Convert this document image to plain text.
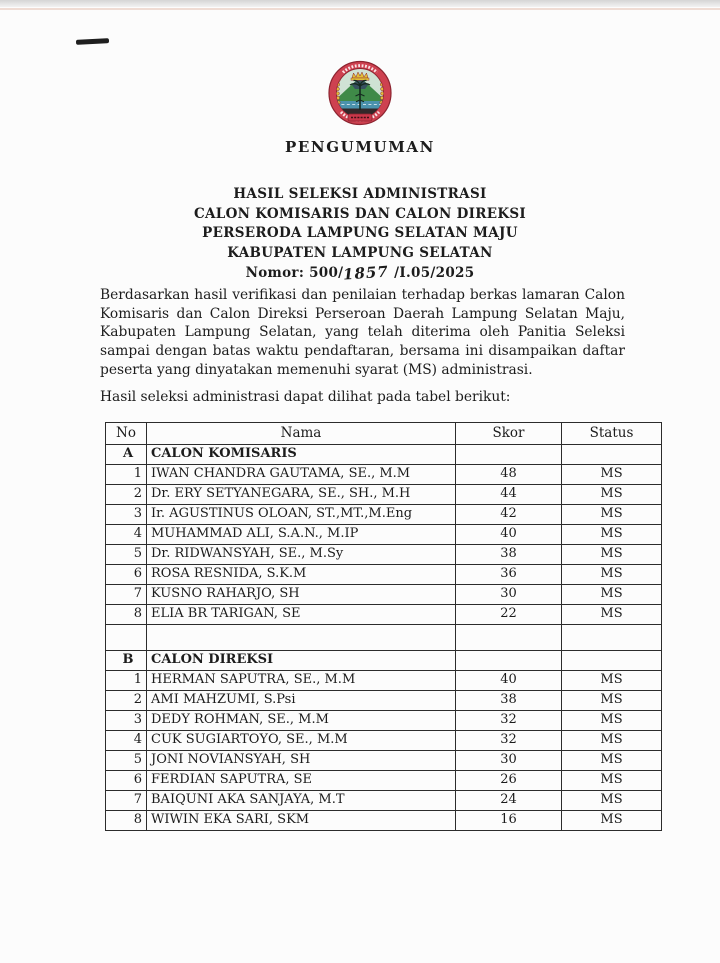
PENGUMUMAN
HASIL SELEKSI ADMINISTRASI
CALON KOMISARIS DAN CALON DIREKSI
PERSERODA LAMPUNG SELATAN MAJU
KABUPATEN LAMPUNG SELATAN
Nomor: 500/1857 /I.05/2025

Berdasarkan hasil verifikasi dan penilaian terhadap berkas lamaran Calon Komisaris dan Calon Direksi Perseroan Daerah Lampung Selatan Maju, Kabupaten Lampung Selatan, yang telah diterima oleh Panitia Seleksi sampai dengan batas waktu pendaftaran, bersama ini disampaikan daftar peserta yang dinyatakan memenuhi syarat (MS) administrasi.

Hasil seleksi administrasi dapat dilihat pada tabel berikut:
No	Nama	Skor	Status
A	CALON KOMISARIS		
1	IWAN CHANDRA GAUTAMA, SE., M.M	48	MS
2	Dr. ERY SETYANEGARA, SE., SH., M.H	44	MS
3	Ir. AGUSTINUS OLOAN, ST.,MT.,M.Eng	42	MS
4	MUHAMMAD ALI, S.A.N., M.IP	40	MS
5	Dr. RIDWANSYAH, SE., M.Sy	38	MS
6	ROSA RESNIDA, S.K.M	36	MS
7	KUSNO RAHARJO, SH	30	MS
8	ELIA BR TARIGAN, SE	22	MS

B	CALON DIREKSI		
1	HERMAN SAPUTRA, SE., M.M	40	MS
2	AMI MAHZUMI, S.Psi	38	MS
3	DEDY ROHMAN, SE., M.M	32	MS
4	CUK SUGIARTOYO, SE., M.M	32	MS
5	JONI NOVIANSYAH, SH	30	MS
6	FERDIAN SAPUTRA, SE	26	MS
7	BAIQUNI AKA SANJAYA, M.T	24	MS
8	WIWIN EKA SARI, SKM	16	MS
